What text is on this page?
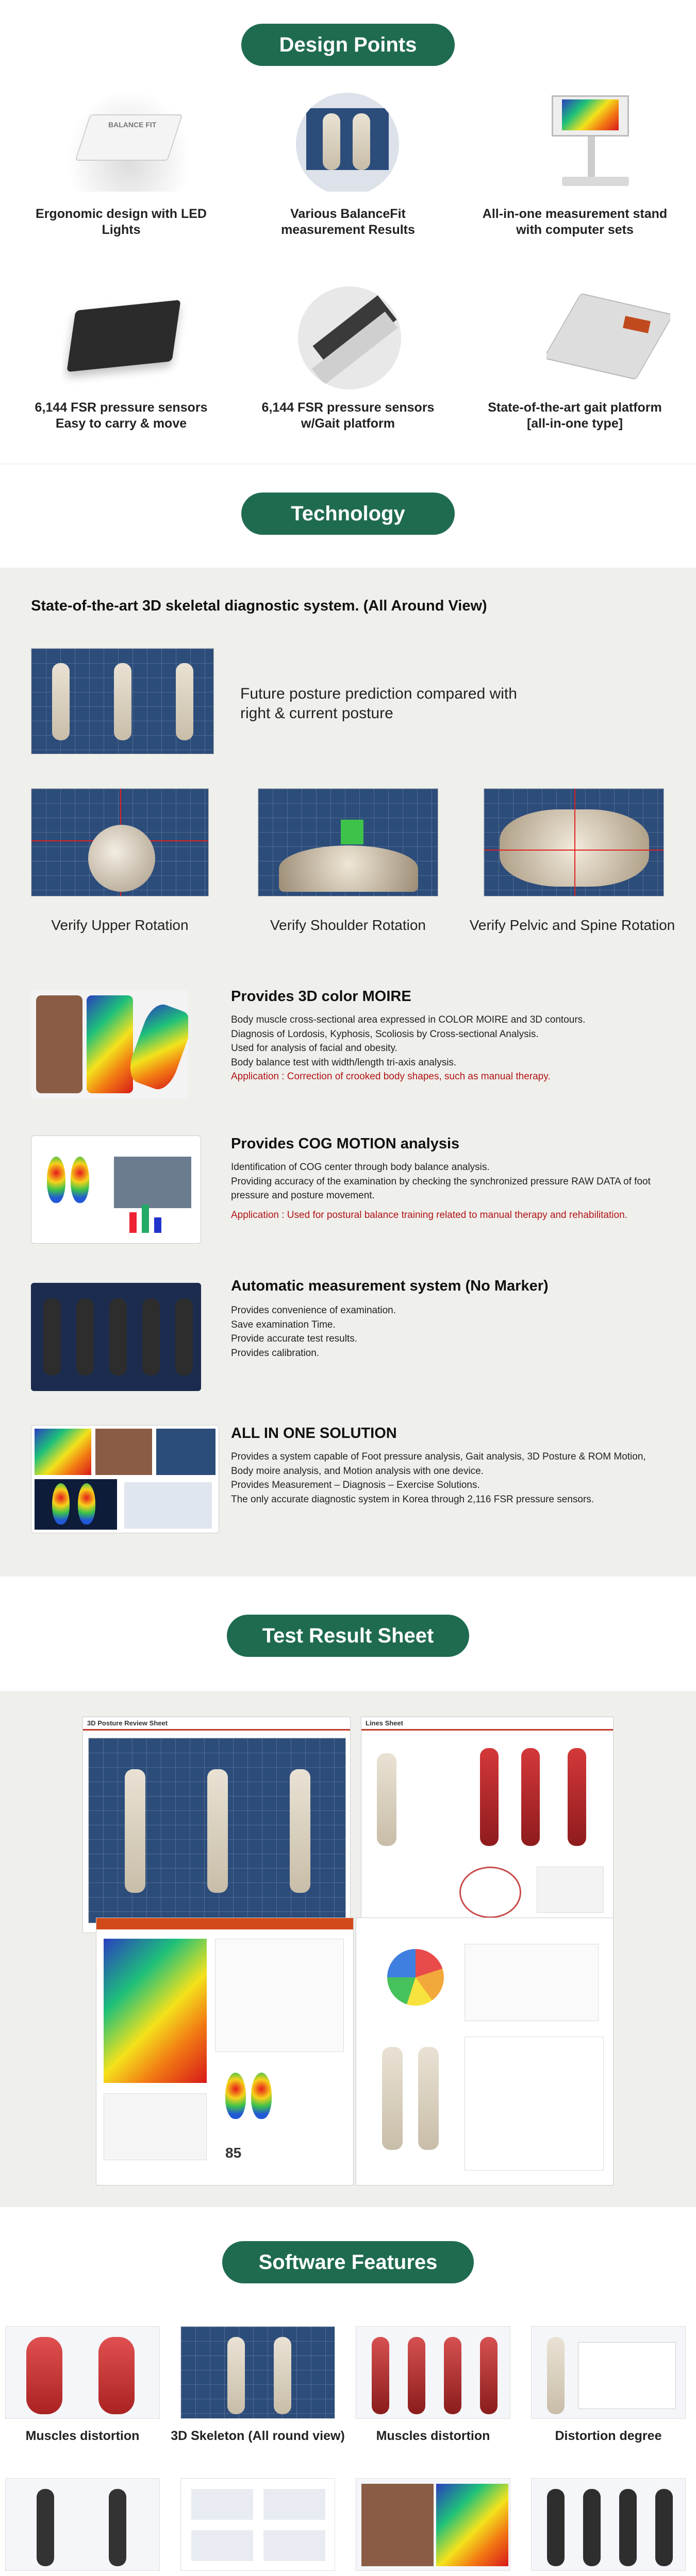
Design Points
BALANCE FIT
Ergonomic design with LED Lights
Various BalanceFit
measurement Results
All-in-one measurement stand
with computer sets
6,144 FSR pressure sensors
Easy to carry & move
6,144 FSR pressure sensors
w/Gait platform
State-of-the-art gait platform
[all-in-one type]
Technology
State-of-the-art 3D skeletal diagnostic system. (All Around View)
Future posture prediction compared with right & current posture
Verify Upper Rotation	Verify Shoulder Rotation	Verify Pelvic and Spine Rotation
Provides 3D color MOIRE
Body muscle cross-sectional area expressed in COLOR MOIRE and 3D contours.
Diagnosis of Lordosis, Kyphosis, Scoliosis by Cross-sectional Analysis.
Used for analysis of facial and obesity.
Body balance test with width/length tri-axis analysis.
Application : Correction of crooked body shapes, such as manual therapy.
Provides COG MOTION analysis
Identification of COG center through body balance analysis.
Providing accuracy of the examination by checking the synchronized pressure RAW DATA of foot pressure and posture movement.
Application : Used for postural balance training related to manual therapy and rehabilitation.
Automatic measurement system (No Marker)
Provides convenience of examination.
Save examination Time.
Provide accurate test results.
Provides calibration.
ALL IN ONE SOLUTION
Provides a system capable of Foot pressure analysis, Gait analysis, 3D Posture & ROM Motion, Body moire analysis, and Motion analysis with one device.
Provides Measurement – Diagnosis – Exercise Solutions.
The only accurate diagnostic system in Korea through 2,116 FSR pressure sensors.
Test Result Sheet
3D Posture Review Sheet	Lines Sheet
85
Software Features
Muscles distortion	3D Skeleton (All round view)	Muscles distortion	Distortion degree
